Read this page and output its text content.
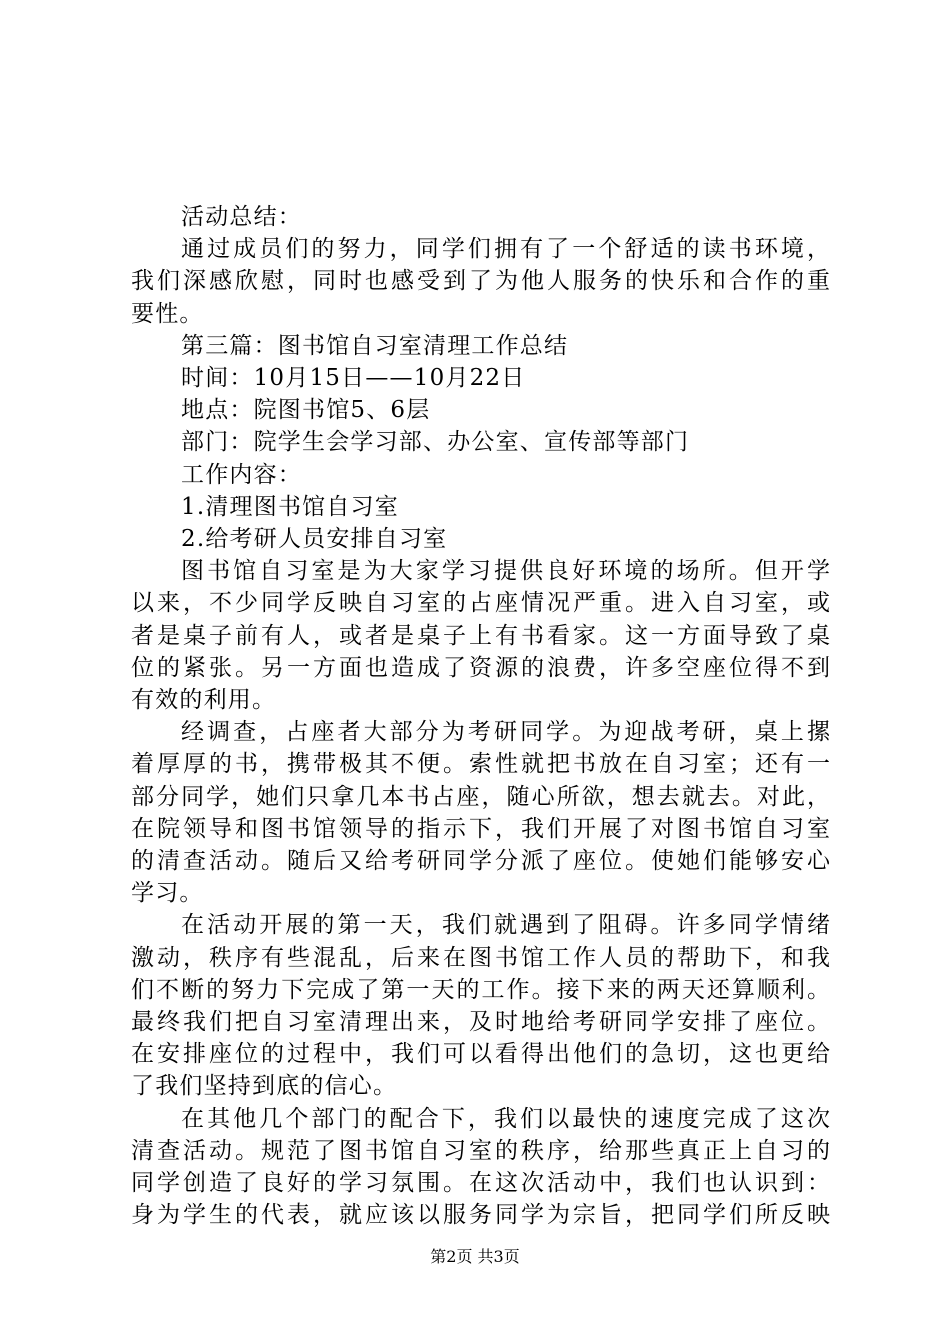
活动总结：
通过成员们的努力，同学们拥有了一个舒适的读书环境，
我们深感欣慰，同时也感受到了为他人服务的快乐和合作的重
要性。
第三篇：图书馆自习室清理工作总结
时间：10月15日——10月22日
地点：院图书馆5、6层
部门：院学生会学习部、办公室、宣传部等部门
工作内容：
1.清理图书馆自习室
2.给考研人员安排自习室
图书馆自习室是为大家学习提供良好环境的场所。但开学
以来，不少同学反映自习室的占座情况严重。进入自习室，或
者是桌子前有人，或者是桌子上有书看家。这一方面导致了桌
位的紧张。另一方面也造成了资源的浪费，许多空座位得不到
有效的利用。
经调查，占座者大部分为考研同学。为迎战考研，桌上摞
着厚厚的书，携带极其不便。索性就把书放在自习室；还有一
部分同学，她们只拿几本书占座，随心所欲，想去就去。对此，
在院领导和图书馆领导的指示下，我们开展了对图书馆自习室
的清查活动。随后又给考研同学分派了座位。使她们能够安心
学习。
在活动开展的第一天，我们就遇到了阻碍。许多同学情绪
激动，秩序有些混乱，后来在图书馆工作人员的帮助下，和我
们不断的努力下完成了第一天的工作。接下来的两天还算顺利。
最终我们把自习室清理出来，及时地给考研同学安排了座位。
在安排座位的过程中，我们可以看得出他们的急切，这也更给
了我们坚持到底的信心。
在其他几个部门的配合下，我们以最快的速度完成了这次
清查活动。规范了图书馆自习室的秩序，给那些真正上自习的
同学创造了良好的学习氛围。在这次活动中，我们也认识到：
身为学生的代表，就应该以服务同学为宗旨，把同学们所反映
第2页 共3页
